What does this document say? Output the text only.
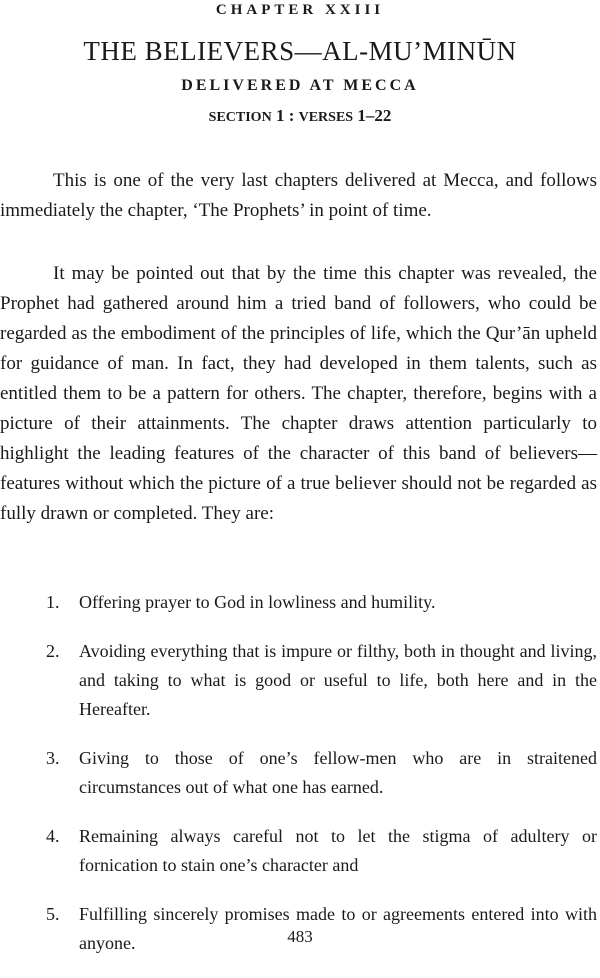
CHAPTER XXIII
THE BELIEVERS—AL-MU’MINŪN
DELIVERED AT MECCA
SECTION 1 : VERSES 1–22

This is one of the very last chapters delivered at Mecca, and follows immediately the chapter, ‘The Prophets’ in point of time.

It may be pointed out that by the time this chapter was revealed, the Prophet had gathered around him a tried band of followers, who could be regarded as the embodiment of the principles of life, which the Qur’ān upheld for guidance of man. In fact, they had developed in them talents, such as entitled them to be a pattern for others. The chapter, therefore, begins with a picture of their attainments. The chapter draws attention particularly to highlight the leading features of the character of this band of believers—features without which the picture of a true believer should not be regarded as fully drawn or completed. They are:

1. Offering prayer to God in lowliness and humility.
2. Avoiding everything that is impure or filthy, both in thought and living, and taking to what is good or useful to life, both here and in the Hereafter.
3. Giving to those of one’s fellow-men who are in straitened circumstances out of what one has earned.
4. Remaining always careful not to let the stigma of adultery or fornication to stain one’s character and
5. Fulfilling sincerely promises made to or agreements entered into with anyone.	483
